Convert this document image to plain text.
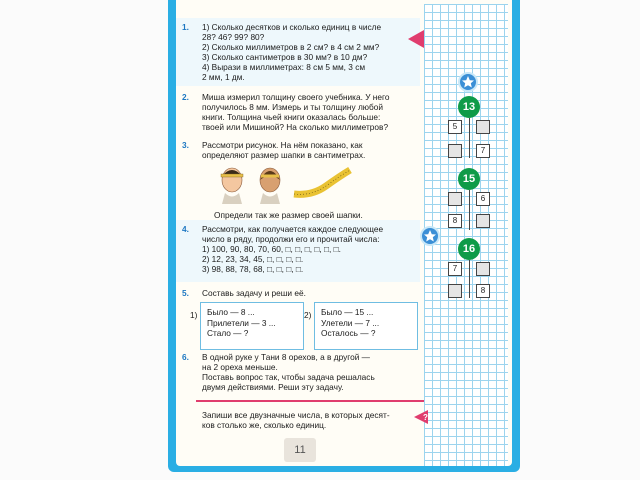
1. 1) Сколько десятков и сколько единиц в числе
28? 46? 99? 80?
2) Сколько миллиметров в 2 см? в 4 см 2 мм?
3) Сколько сантиметров в 30 мм? в 10 дм?
4) Вырази в миллиметрах: 8 см 5 мм, 3 см
2 мм, 1 дм.
2. Миша измерил толщину своего учебника. У него
получилось 8 мм. Измерь и ты толщину любой
книги. Толщина чьей книги оказалась больше:
твоей или Мишиной? На сколько миллиметров?
3. Рассмотри рисунок. На нём показано, как
определяют размер шапки в сантиметрах.
Определи так же размер своей шапки.
4. Рассмотри, как получается каждое следующее
число в ряду, продолжи его и прочитай числа:
1) 100, 90, 80, 70, 60, □, □, □, □, □, □.
2) 12, 23, 34, 45, □, □, □, □.
3) 98, 88, 78, 68, □, □, □, □.
5. Составь задачу и реши её.
1)	2)
Было — 8 ...
Прилетели — 3 ...
Стало — ?
Было — 15 ...
Улетели — 7 ...
Осталось — ?
6. В одной руке у Тани 8 орехов, а в другой —
на 2 ореха меньше.
Поставь вопрос так, чтобы задача решалась
двумя действиями. Реши эту задачу.
Запиши все двузначные числа, в которых десят-
ков столько же, сколько единиц.
11
13
5
7
15
6
8
16
7
8
?
